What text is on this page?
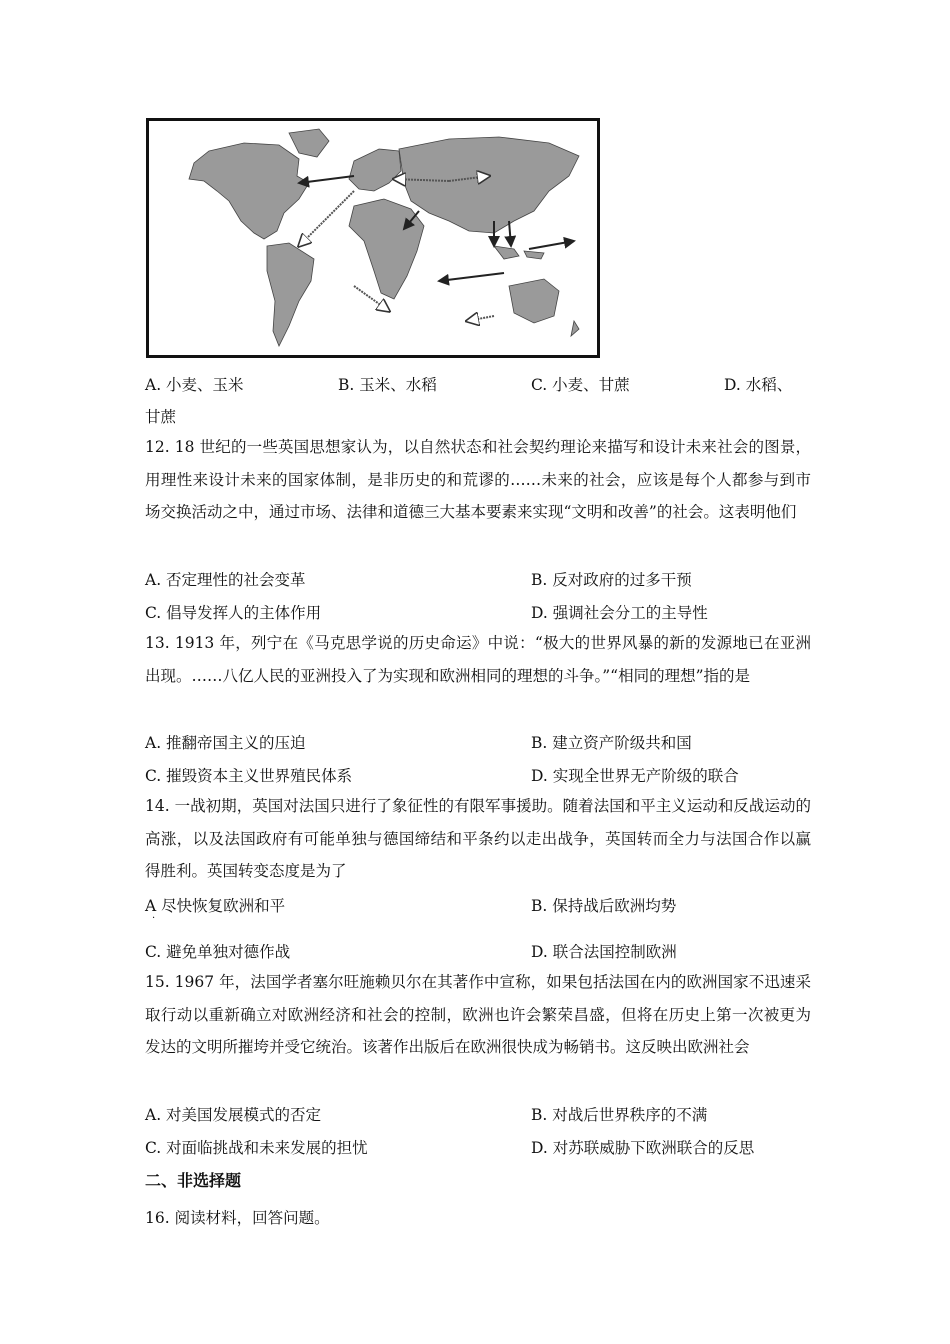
A. 小麦、玉米	B. 玉米、水稻	C. 小麦、甘蔗	D. 水稻、
甘蔗
12. 18 世纪的一些英国思想家认为，以自然状态和社会契约理论来描写和设计未来社会的图景，用理性来设计未来的国家体制，是非历史的和荒谬的……未来的社会，应该是每个人都参与到市场交换活动之中，通过市场、法律和道德三大基本要素来实现“文明和改善”的社会。这表明他们
A. 否定理性的社会变革	B. 反对政府的过多干预
C. 倡导发挥人的主体作用	D. 强调社会分工的主导性
13. 1913 年，列宁在《马克思学说的历史命运》中说：“极大的世界风暴的新的发源地已在亚洲出现。……八亿人民的亚洲投入了为实现和欧洲相同的理想的斗争。”“相同的理想”指的是
A. 推翻帝国主义的压迫	B. 建立资产阶级共和国
C. 摧毁资本主义世界殖民体系	D. 实现全世界无产阶级的联合
14. 一战初期，英国对法国只进行了象征性的有限军事援助。随着法国和平主义运动和反战运动的高涨，以及法国政府有可能单独与德国缔结和平条约以走出战争，英国转而全力与法国合作以赢得胜利。英国转变态度是为了
A 尽快恢复欧洲和平
·
B. 保持战后欧洲均势
C. 避免单独对德作战	D. 联合法国控制欧洲
15. 1967 年，法国学者塞尔旺施赖贝尔在其著作中宣称，如果包括法国在内的欧洲国家不迅速采取行动以重新确立对欧洲经济和社会的控制，欧洲也许会繁荣昌盛，但将在历史上第一次被更为发达的文明所摧垮并受它统治。该著作出版后在欧洲很快成为畅销书。这反映出欧洲社会
A. 对美国发展模式的否定	B. 对战后世界秩序的不满
C. 对面临挑战和未来发展的担忧	D. 对苏联威胁下欧洲联合的反思
二、非选择题
16. 阅读材料，回答问题。
